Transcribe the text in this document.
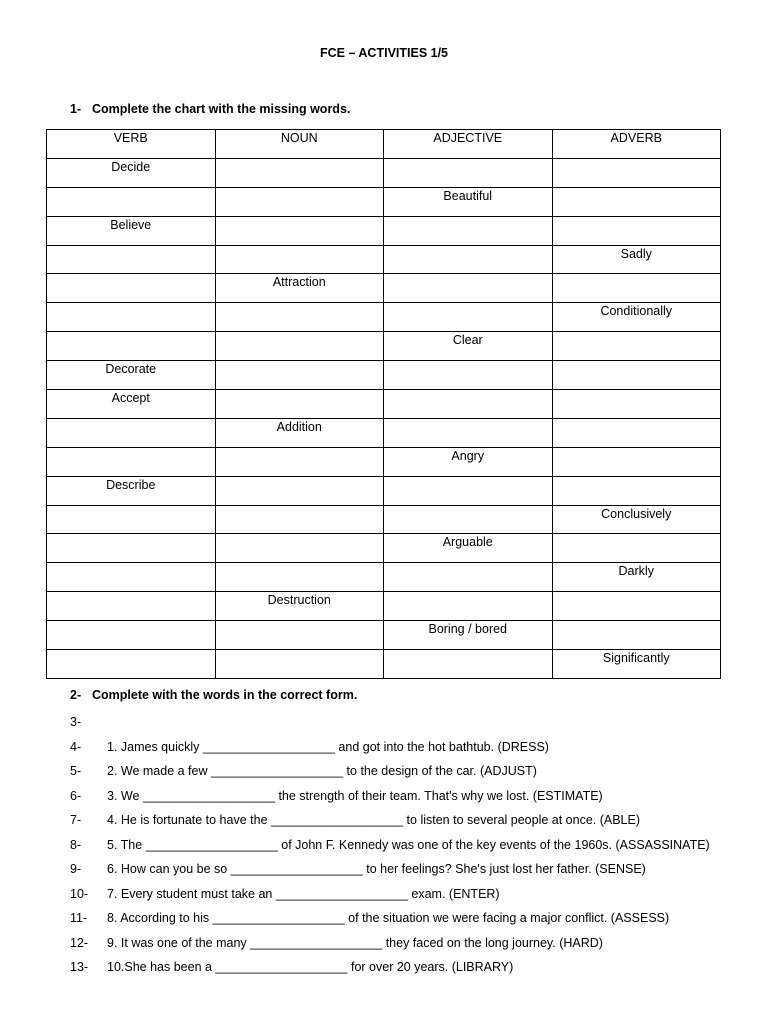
FCE – ACTIVITIES 1/5
1- Complete the chart with the missing words.
VERB	NOUN	ADJECTIVE	ADVERB
Decide			
		Beautiful	
Believe			
			Sadly
	Attraction		
			Conditionally
		Clear	
Decorate			
Accept			
	Addition		
		Angry	
Describe			
			Conclusively
		Arguable	
			Darkly
	Destruction		
		Boring / bored	
			Significantly
2- Complete with the words in the correct form.
3-
4- 1. James quickly ___________________ and got into the hot bathtub. (DRESS)
5- 2. We made a few ___________________ to the design of the car. (ADJUST)
6- 3. We ___________________ the strength of their team. That's why we lost. (ESTIMATE)
7- 4. He is fortunate to have the ___________________ to listen to several people at once. (ABLE)
8- 5. The ___________________ of John F. Kennedy was one of the key events of the 1960s. (ASSASSINATE)
9- 6. How can you be so ___________________ to her feelings? She's just lost her father. (SENSE)
10- 7. Every student must take an ___________________ exam. (ENTER)
11- 8. According to his ___________________ of the situation we were facing a major conflict. (ASSESS)
12- 9. It was one of the many ___________________ they faced on the long journey. (HARD)
13- 10.She has been a ___________________ for over 20 years. (LIBRARY)
